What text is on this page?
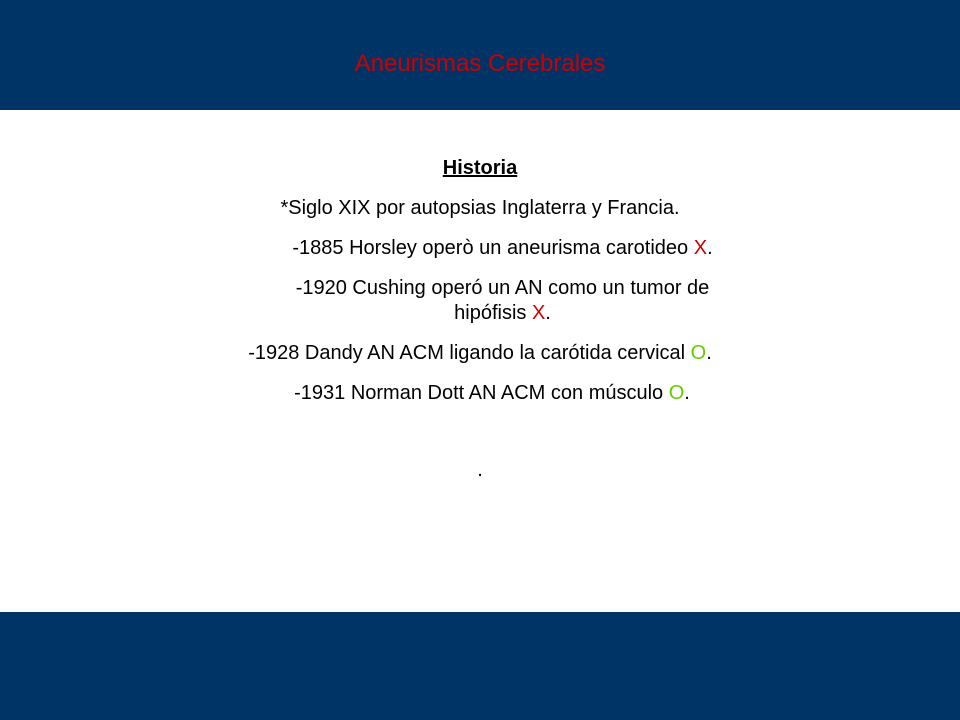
Aneurismas Cerebrales
Historia
*Siglo XIX por autopsias Inglaterra y Francia.
-1885 Horsley operò un aneurisma carotideo X.
-1920 Cushing operó un AN como un tumor de hipófisis X.
-1928 Dandy AN ACM ligando la carótida cervical O.
-1931 Norman Dott AN ACM con músculo O.
.
